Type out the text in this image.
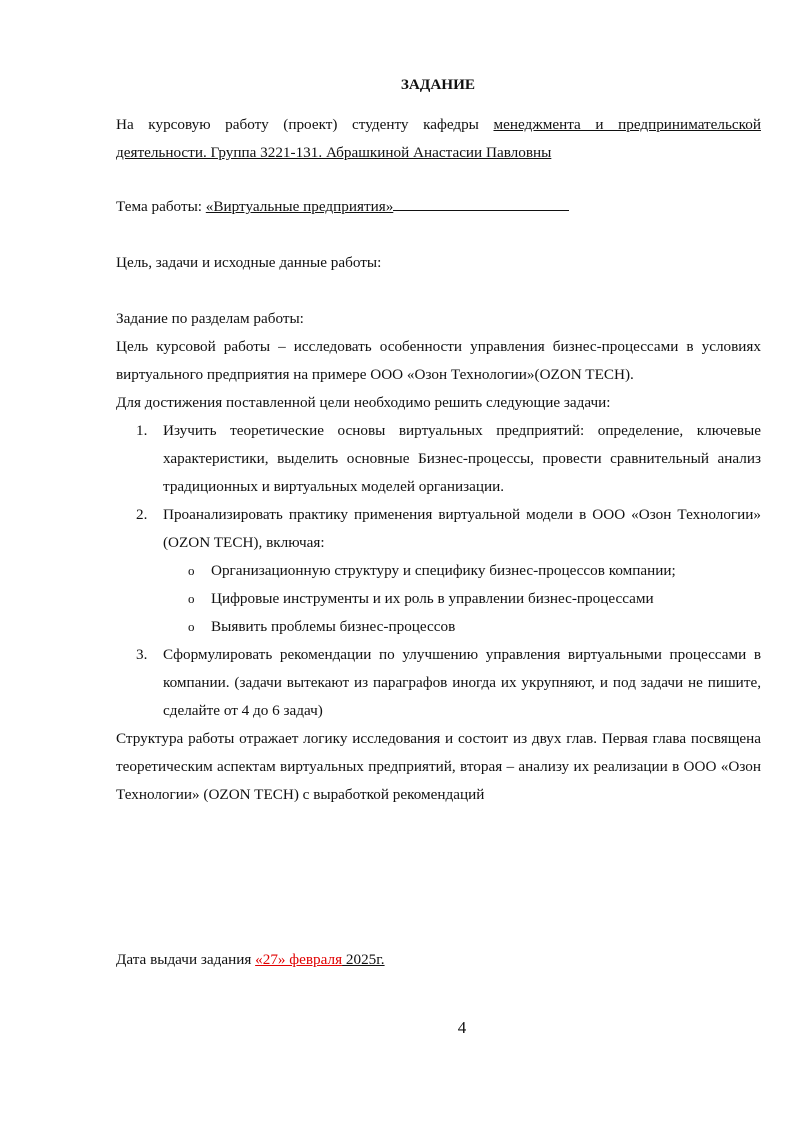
ЗАДАНИЕ
На курсовую работу (проект) студенту кафедры менеджмента и предпринимательской деятельности. Группа 3221-131. Абрашкиной Анастасии Павловны
Тема работы: «Виртуальные предприятия»
Цель, задачи и исходные данные работы:
Задание по разделам работы:
Цель курсовой работы – исследовать особенности управления бизнес-процессами в условиях виртуального предприятия на примере ООО «Озон Технологии»(OZON TECH).
Для достижения поставленной цели необходимо решить следующие задачи:
1. Изучить теоретические основы виртуальных предприятий: определение, ключевые характеристики, выделить основные Бизнес-процессы, провести сравнительный анализ традиционных и виртуальных моделей организации.
2. Проанализировать практику применения виртуальной модели в ООО «Озон Технологии» (OZON TECH), включая:
o Организационную структуру и специфику бизнес-процессов компании;
o Цифровые инструменты и их роль в управлении бизнес-процессами
o Выявить проблемы бизнес-процессов
3. Сформулировать рекомендации по улучшению управления виртуальными процессами в компании. (задачи вытекают из параграфов иногда их укрупняют, и под задачи не пишите, сделайте от 4 до 6 задач)
Структура работы отражает логику исследования и состоит из двух глав. Первая глава посвящена теоретическим аспектам виртуальных предприятий, вторая – анализу их реализации в ООО «Озон Технологии» (OZON TECH) с выработкой рекомендаций
Дата выдачи задания «27» февраля 2025г.
4
